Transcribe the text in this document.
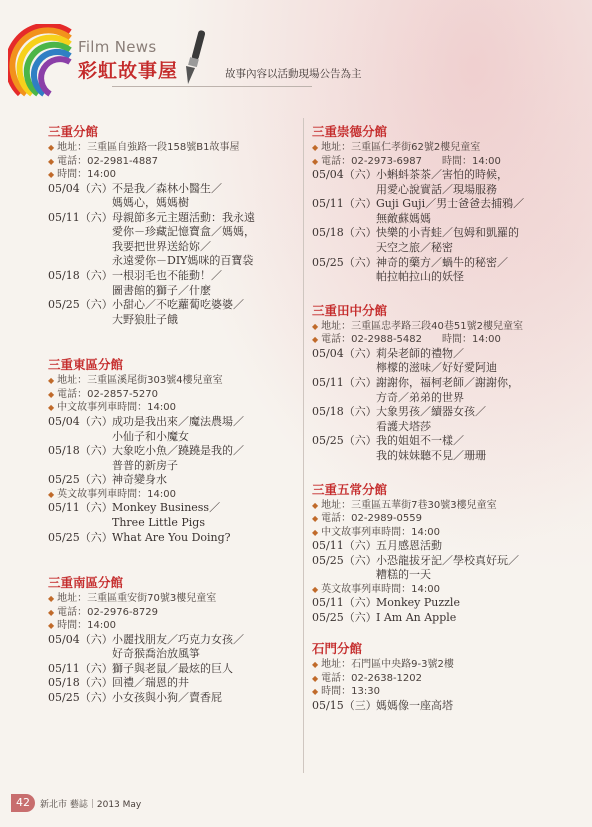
Film News
彩虹故事屋	故事內容以活動現場公告為主
三重分館
◆ 地址：三重區自強路一段158號B1故事屋
◆ 電話：02-2981-4887
◆ 時間：14:00
05/04（六） 不是我／森林小醫生／
媽媽心，媽媽樹
05/11（六） 母親節多元主題活動：我永遠
愛你－珍藏記憶寶盒／媽媽，
我要把世界送給妳／
永遠愛你－DIY媽咪的百寶袋
05/18（六） 一根羽毛也不能動！／
圖書館的獅子／什麼
05/25（六） 小甜心／不吃蘿蔔吃婆婆／
大野狼肚子餓
三重東區分館
◆ 地址：三重區溪尾街303號4樓兒童室
◆ 電話：02-2857-5270
◆ 中文故事列車時間：14:00
05/04（六） 成功是我出來／魔法農場／
小仙子和小魔女
05/18（六） 大象吃小魚／蹺蹺是我的／
普普的新房子
05/25（六） 神奇變身水
◆ 英文故事列車時間：14:00
05/11（六） Monkey Business／
Three Little Pigs
05/25（六） What Are You Doing?
三重南區分館
◆ 地址：三重區重安街70號3樓兒童室
◆ 電話：02-2976-8729
◆ 時間：14:00
05/04（六） 小麗找朋友／巧克力女孩／
好奇猴喬治放風箏
05/11（六） 獅子與老鼠／最炫的巨人
05/18（六） 回禮／瑞恩的井
05/25（六） 小女孩與小狗／賣香屁
三重崇德分館
◆ 地址：三重區仁孝街62號2樓兒童室
◆ 電話：02-2973-6987　　時間：14:00
05/04（六） 小蝌蚪茶茶／害怕的時候，
用愛心說實話／現場服務
05/11（六） Guji Guji／男士爸爸去捕鴉／
無敵蘇媽媽
05/18（六） 快樂的小青蛙／包姆和凱羅的
天空之旅／秘密
05/25（六） 神奇的藥方／蝸牛的秘密／
帕拉帕拉山的妖怪
三重田中分館
◆ 地址：三重區忠孝路三段40巷51號2樓兒童室
◆ 電話：02-2988-5482　　時間：14:00
05/04（六） 莉朵老師的禮物／
檸檬的滋味／好好愛阿迪
05/11（六） 謝謝你，福柯老師／謝謝你，
方奇／弟弟的世界
05/18（六） 大象男孩／續器女孩／
看護犬塔莎
05/25（六） 我的姐姐不一樣／
我的妹妹聽不見／珊珊
三重五常分館
◆ 地址：三重區五華街7巷30號3樓兒童室
◆ 電話：02-2989-0559
◆ 中文故事列車時間：14:00
05/11（六） 五月感恩活動
05/25（六） 小恐龍拔牙記／學校真好玩／
糟糕的一天
◆ 英文故事列車時間：14:00
05/11（六） Monkey Puzzle
05/25（六） I Am An Apple
石門分館
◆ 地址：石門區中央路9-3號2樓
◆ 電話：02-2638-1202
◆ 時間：13:30
05/15（三） 媽媽像一座高塔
42	新北市 藝誌｜2013 May
